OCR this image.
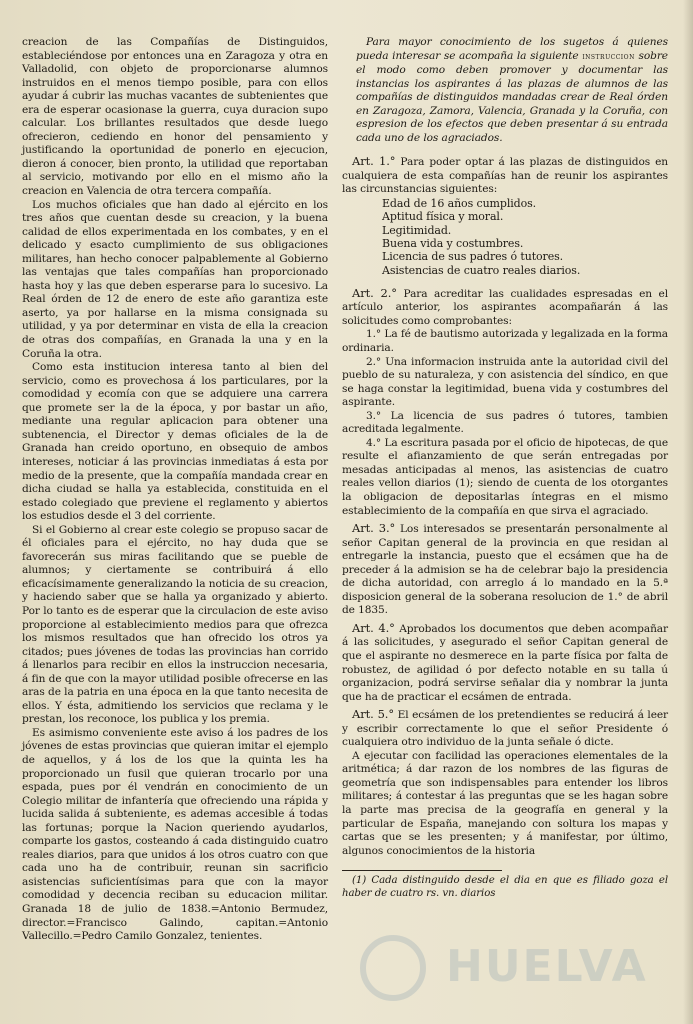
creacion de las Compañías de Distinguidos, estableciéndose por entonces una en Zaragoza y otra en Valladolid, con objeto de proporcionarse alumnos instruidos en el menos tiempo posible, para con ellos ayudar á cubrir las muchas vacantes de subtenientes que era de esperar ocasionase la guerra, cuya duracion supo calcular. Los brillantes resultados que desde luego ofrecieron, cediendo en honor del pensamiento y justificando la oportunidad de ponerlo en ejecucion, dieron á conocer, bien pronto, la utilidad que reportaban al servicio, motivando por ello en el mismo año la creacion en Valencia de otra tercera compañía.

Los muchos oficiales que han dado al ejército en los tres años que cuentan desde su creacion, y la buena calidad de ellos experimentada en los combates, y en el delicado y esacto cumplimiento de sus obligaciones militares, han hecho conocer palpablemente al Gobierno las ventajas que tales compañías han proporcionado hasta hoy y las que deben esperarse para lo sucesivo. La Real órden de 12 de enero de este año garantiza este aserto, ya por hallarse en la misma consignada su utilidad, y ya por determinar en vista de ella la creacion de otras dos compañías, en Granada la una y en la Coruña la otra.

Como esta institucion interesa tanto al bien del servicio, como es provechosa á los particulares, por la comodidad y ecomía con que se adquiere una carrera que promete ser la de la época, y por bastar un año, mediante una regular aplicacion para obtener una subtenencia, el Director y demas oficiales de la de Granada han creido oportuno, en obsequio de ambos intereses, noticiar á las provincias inmediatas á esta por medio de la presente, que la compañía mandada crear en dicha ciudad se halla ya establecida, constituida en el estado colegiado que previene el reglamento y abiertos los estudios desde el 3 del corriente.

Si el Gobierno al crear este colegio se propuso sacar de él oficiales para el ejército, no hay duda que se favorecerán sus miras facilitando que se pueble de alumnos; y ciertamente se contribuirá á ello eficacísimamente generalizando la noticia de su creacion, y haciendo saber que se halla ya organizado y abierto. Por lo tanto es de esperar que la circulacion de este aviso proporcione al establecimiento medios para que ofrezca los mismos resultados que han ofrecido los otros ya citados; pues jóvenes de todas las provincias han corrido á llenarlos para recibir en ellos la instruccion necesaria, á fin de que con la mayor utilidad posible ofrecerse en las aras de la patria en una época en la que tanto necesita de ellos. Y ésta, admitiendo los servicios que reclama y le prestan, los reconoce, los publica y los premia.

Es asimismo conveniente este aviso á los padres de los jóvenes de estas provincias que quieran imitar el ejemplo de aquellos, y á los de los que la quinta les ha proporcionado un fusil que quieran trocarlo por una espada, pues por él vendrán en conocimiento de un Colegio militar de infantería que ofreciendo una rápida y lucida salida á subteniente, es ademas accesible á todas las fortunas; porque la Nacion queriendo ayudarlos, comparte los gastos, costeando á cada distinguido cuatro reales diarios, para que unidos á los otros cuatro con que cada uno ha de contribuir, reunan sin sacrificio asistencias suficientísimas para que con la mayor comodidad y decencia reciban su educacion militar. Granada 18 de julio de 1838.=Antonio Bermudez, director.=Francisco Galindo, capitan.=Antonio Vallecillo.=Pedro Camilo Gonzalez, tenientes.

Para mayor conocimiento de los sugetos á quienes pueda interesar se acompaña la siguiente instruccion sobre el modo como deben promover y documentar las instancias los aspirantes á las plazas de alumnos de las compañías de distinguidos mandadas crear de Real órden en Zaragoza, Zamora, Valencia, Granada y la Coruña, con espresion de los efectos que deben presentar á su entrada cada uno de los agraciados.

Art. 1.° Para poder optar á las plazas de distinguidos en cualquiera de esta compañías han de reunir los aspirantes las circunstancias siguientes:

Edad de 16 años cumplidos.
Aptitud física y moral.
Legitimidad.
Buena vida y costumbres.
Licencia de sus padres ó tutores.
Asistencias de cuatro reales diarios.

Art. 2.° Para acreditar las cualidades espresadas en el artículo anterior, los aspirantes acompañarán á las solicitudes como comprobantes:

1.° La fé de bautismo autorizada y legalizada en la forma ordinaria.

2.° Una informacion instruida ante la autoridad civil del pueblo de su naturaleza, y con asistencia del síndico, en que se haga constar la legitimidad, buena vida y costumbres del aspirante.

3.° La licencia de sus padres ó tutores, tambien acreditada legalmente.

4.° La escritura pasada por el oficio de hipotecas, de que resulte el afianzamiento de que serán entregadas por mesadas anticipadas al menos, las asistencias de cuatro reales vellon diarios (1); siendo de cuenta de los otorgantes la obligacion de depositarlas íntegras en el mismo establecimiento de la compañía en que sirva el agraciado.

Art. 3.° Los interesados se presentarán personalmente al señor Capitan general de la provincia en que residan al entregarle la instancia, puesto que el ecsámen que ha de preceder á la admision se ha de celebrar bajo la presidencia de dicha autoridad, con arreglo á lo mandado en la 5.ª disposicion general de la soberana resolucion de 1.° de abril de 1835.

Art. 4.° Aprobados los documentos que deben acompañar á las solicitudes, y asegurado el señor Capitan general de que el aspirante no desmerece en la parte física por falta de robustez, de agilidad ó por defecto notable en su talla ú organizacion, podrá servirse señalar dia y nombrar la junta que ha de practicar el ecsámen de entrada.

Art. 5.° El ecsámen de los pretendientes se reducirá á leer y escribir correctamente lo que el señor Presidente ó cualquiera otro individuo de la junta señale ó dicte.

A ejecutar con facilidad las operaciones elementales de la aritmética; á dar razon de los nombres de las figuras de geometría que son indispensables para entender los libros militares; á contestar á las preguntas que se les hagan sobre la parte mas precisa de la geografía en general y la particular de España, manejando con soltura los mapas y cartas que se les presenten; y á manifestar, por último, algunos conocimientos de la historia

(1) Cada distinguido desde el dia en que es filiado goza el haber de cuatro rs. vn. diarios

HUELVA
